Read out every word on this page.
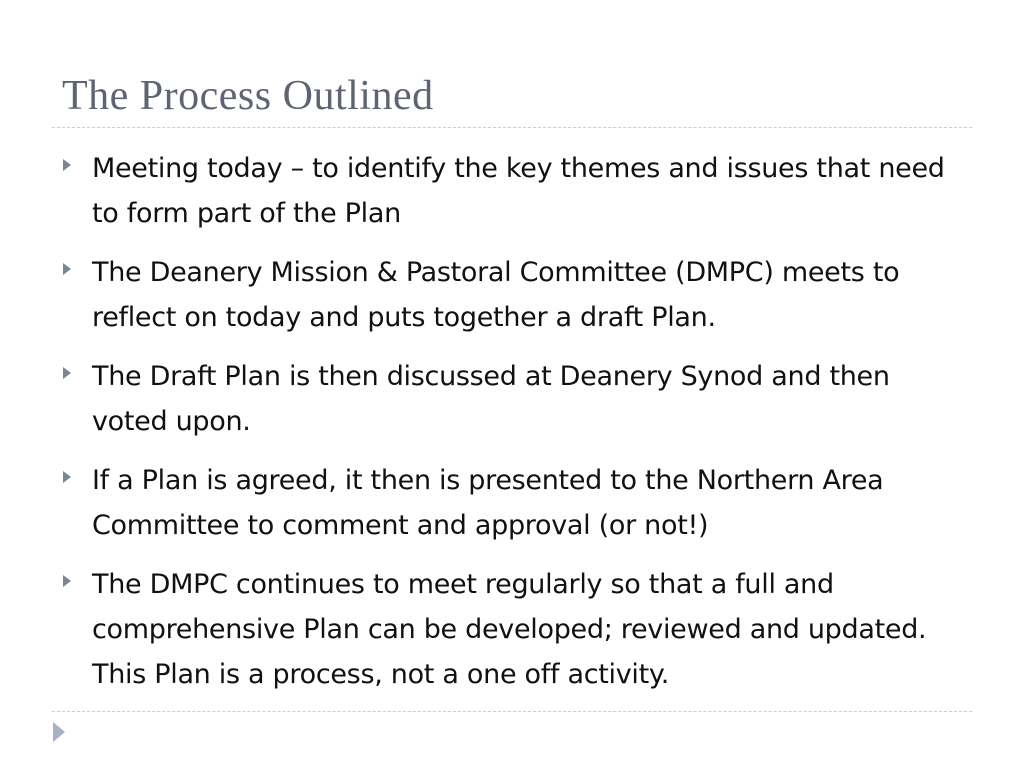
The Process Outlined
Meeting today – to identify the key themes and issues that need to form part of the Plan
The Deanery Mission & Pastoral Committee (DMPC) meets to reflect on today and puts together a draft Plan.
The Draft Plan is then discussed at Deanery Synod and then voted upon.
If a Plan is agreed, it then is presented to the Northern Area Committee to comment and approval (or not!)
The DMPC continues to meet regularly so that a full and comprehensive Plan can be developed; reviewed and updated. This Plan is a process, not a one off activity.
